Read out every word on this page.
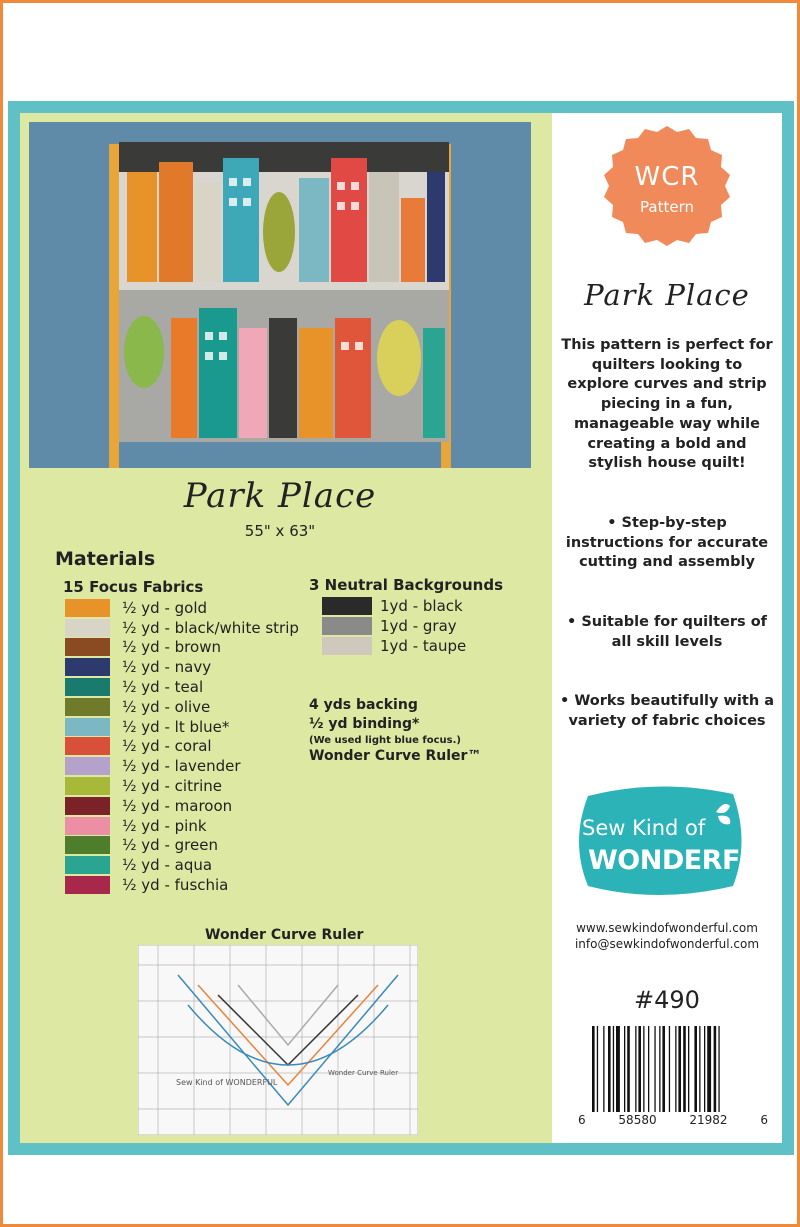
Park Place
55" x 63"
Materials
15 Focus Fabrics
½ yd - gold
½ yd - black/white strip
½ yd - brown
½ yd - navy
½ yd - teal
½ yd - olive
½ yd - lt blue*
½ yd - coral
½ yd - lavender
½ yd - citrine
½ yd - maroon
½ yd - pink
½ yd - green
½ yd - aqua
½ yd - fuschia
3 Neutral Backgrounds
1yd - black
1yd - gray
1yd - taupe
4 yds backing
½ yd binding*
(We used light blue focus.)
Wonder Curve Ruler™
Wonder Curve Ruler
Sew Kind of WONDERFUL
Wonder Curve Ruler
WCR
Pattern
Park Place
This pattern is perfect for quilters looking to explore curves and strip piecing in a fun, manageable way while creating a bold and stylish house quilt!
• Step-by-step instructions for accurate cutting and assembly
• Suitable for quilters of all skill levels
• Works beautifully with a variety of fabric choices
Sew Kind of
WONDERFUL
www.sewkindofwonderful.com
info@sewkindofwonderful.com
#490
6	58580	21982	6
